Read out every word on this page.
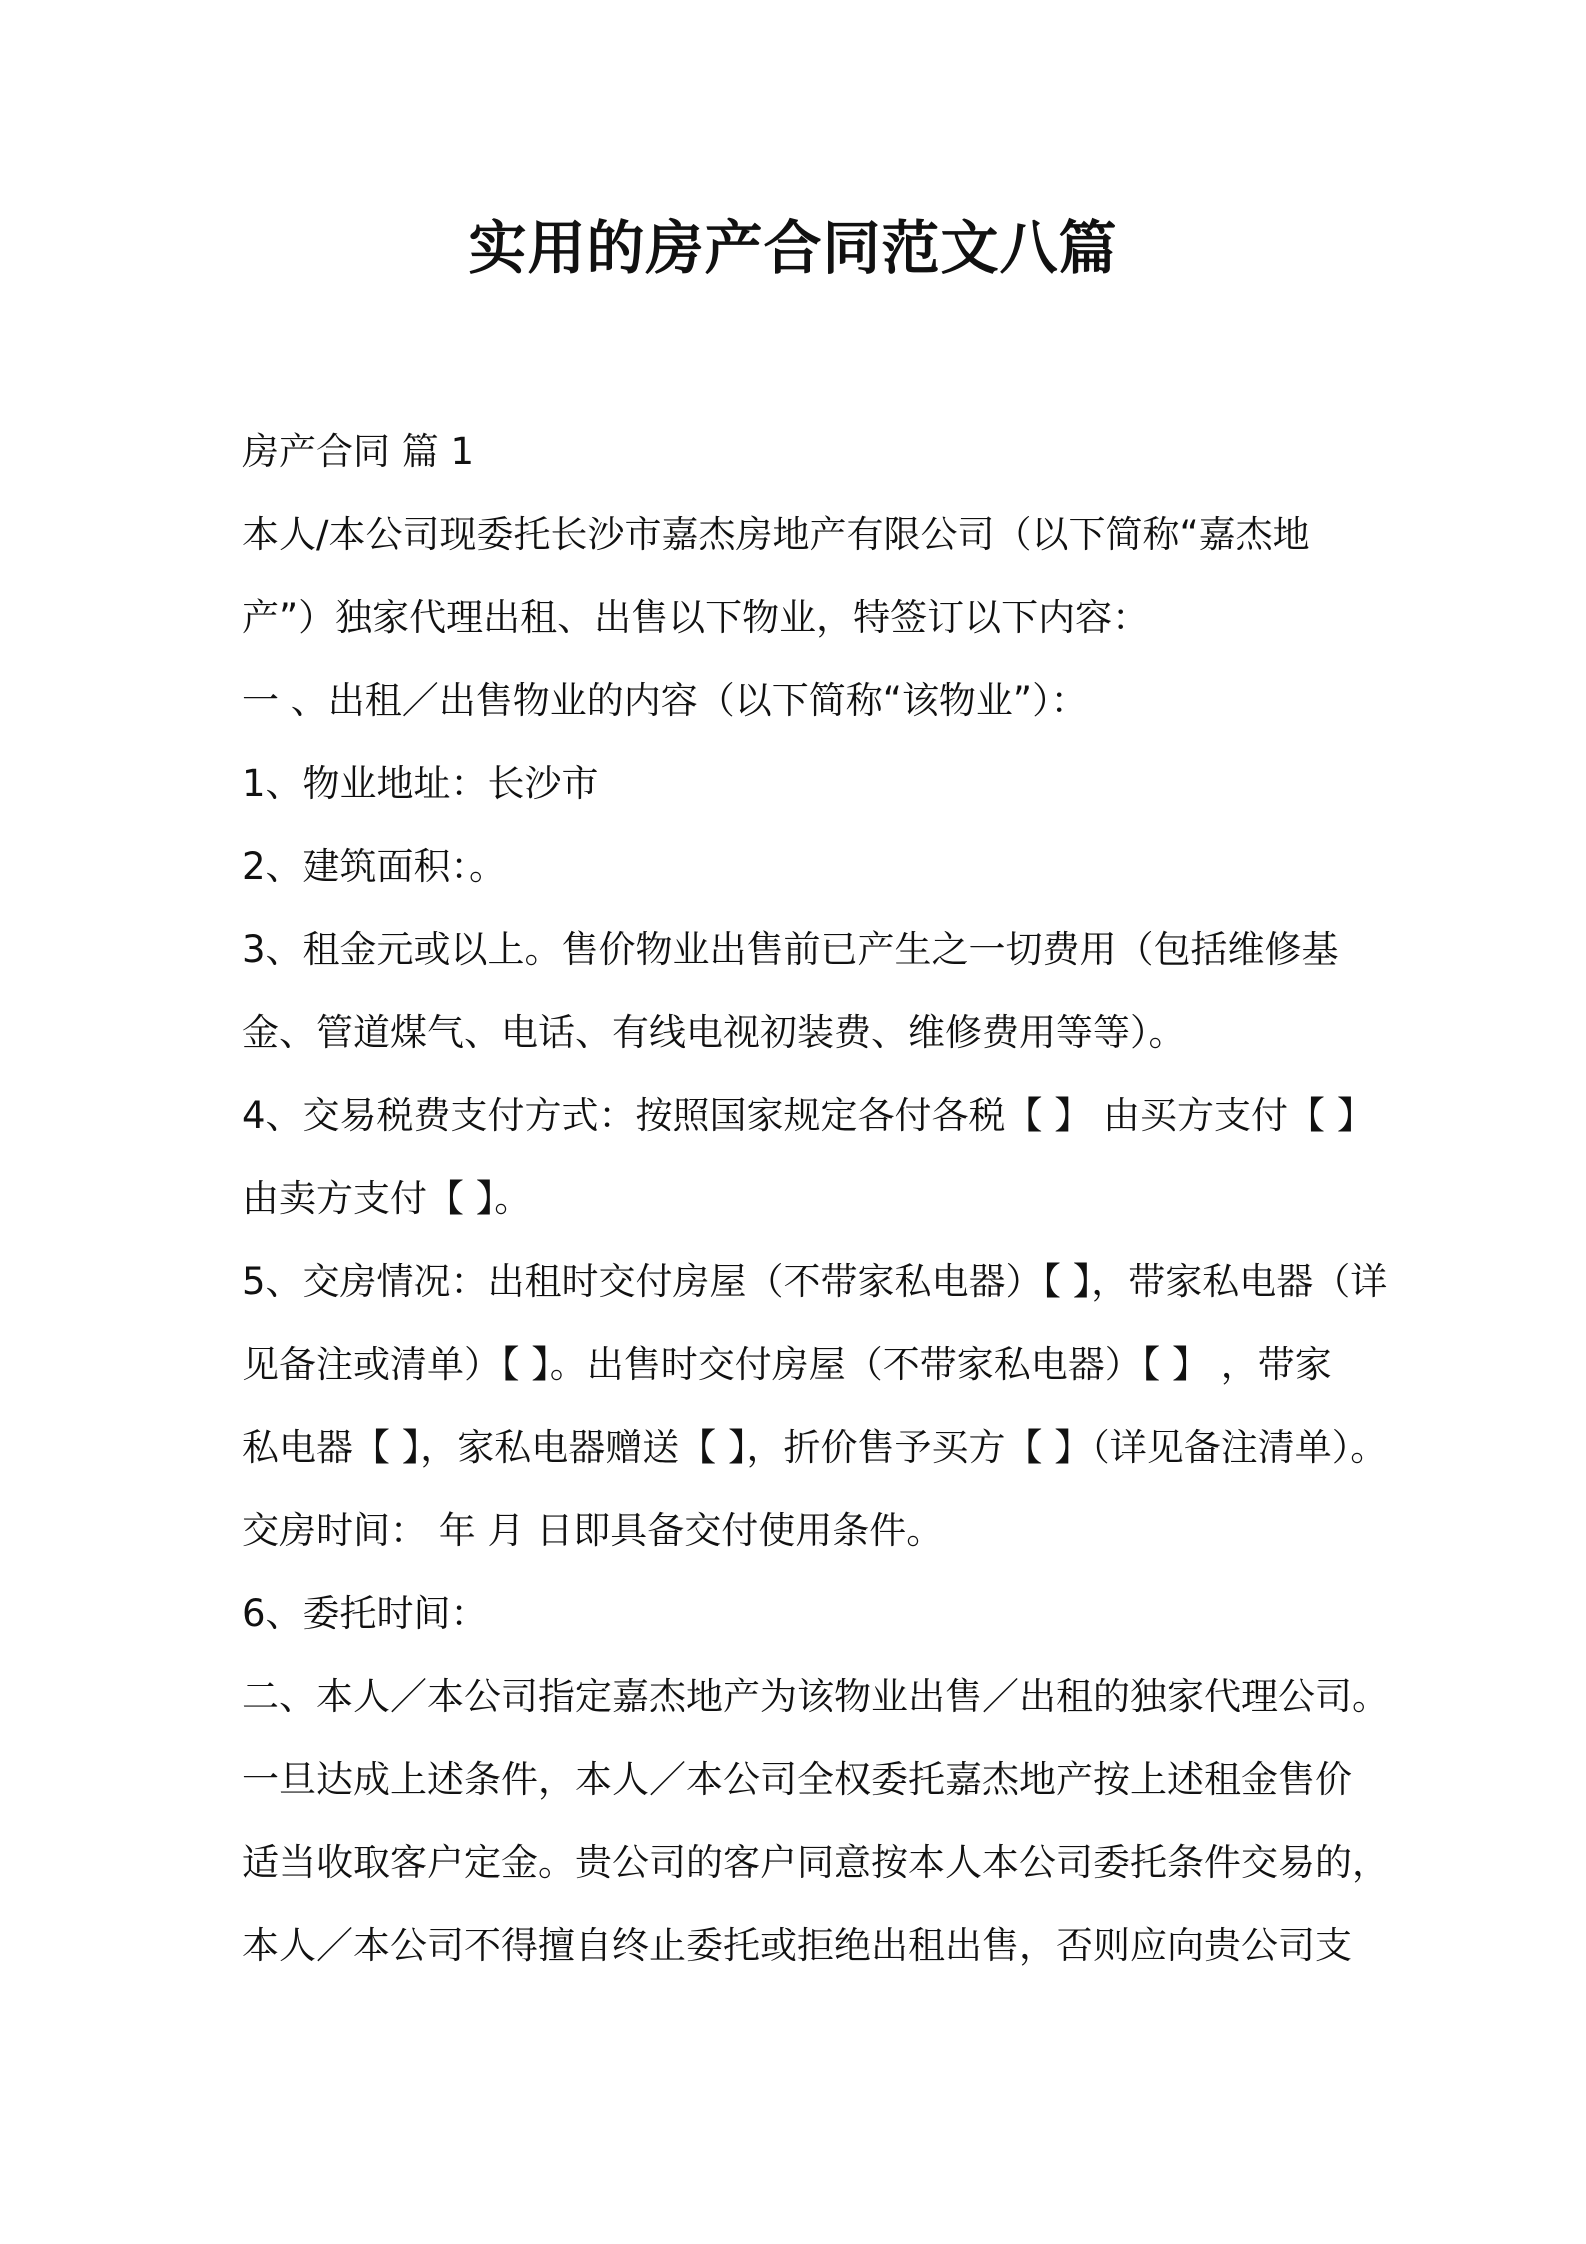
实用的房产合同范文八篇

房产合同 篇 1

本人/本公司现委托长沙市嘉杰房地产有限公司（以下简称“嘉杰地

产”）独家代理出租、出售以下物业，特签订以下内容：

一 、出租／出售物业的内容（以下简称“该物业”）：

1、物业地址：长沙市

2、建筑面积：。

3、租金元或以上。售价物业出售前已产生之一切费用（包括维修基

金、管道煤气、电话、有线电视初装费、维修费用等等）。

4、交易税费支付方式：按照国家规定各付各税【 】 由买方支付【 】

由卖方支付【 】。

5、交房情况：出租时交付房屋（不带家私电器）【 】，带家私电器（详

见备注或清单）【 】。出售时交付房屋（不带家私电器）【 】 ，带家

私电器【 】，家私电器赠送【 】，折价售予买方【 】（详见备注清单）。

交房时间： 年 月 日即具备交付使用条件。

6、委托时间：

二、本人／本公司指定嘉杰地产为该物业出售／出租的独家代理公司。

一旦达成上述条件，本人／本公司全权委托嘉杰地产按上述租金售价

适当收取客户定金。贵公司的客户同意按本人本公司委托条件交易的，

本人／本公司不得擅自终止委托或拒绝出租出售，否则应向贵公司支
